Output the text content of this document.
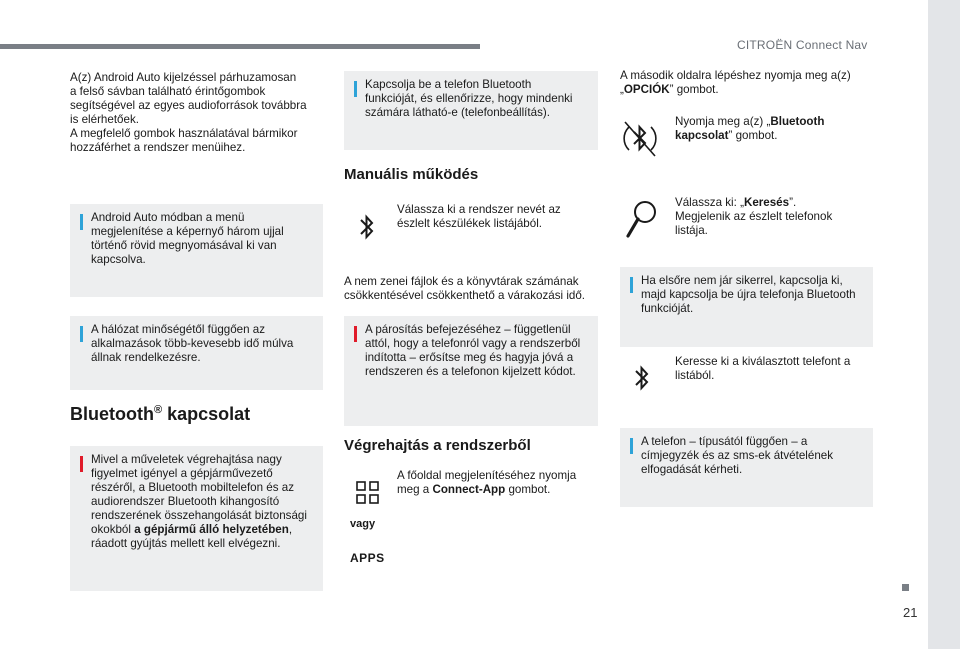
CITROËN Connect Nav
21
A(z) Android Auto kijelzéssel párhuzamosan
a felső sávban található érintőgombok
segítségével az egyes audioforrások továbbra
is elérhetőek.
A megfelelő gombok használatával bármikor
hozzáférhet a rendszer menüihez.
Android Auto módban a menü
megjelenítése a képernyő három ujjal
történő rövid megnyomásával ki van
kapcsolva.
A hálózat minőségétől függően az
alkalmazások több-kevesebb idő múlva
állnak rendelkezésre.
Bluetooth® kapcsolat
Mivel a műveletek végrehajtása nagy
figyelmet igényel a gépjárművezető
részéről, a Bluetooth mobiltelefon és az
audiorendszer Bluetooth kihangosító
rendszerének összehangolását biztonsági
okokból a gépjármű álló helyzetében,
ráadott gyújtás mellett kell elvégezni.
Kapcsolja be a telefon Bluetooth
funkcióját, és ellenőrizze, hogy mindenki
számára látható-e (telefonbeállítás).
Manuális működés
Válassza ki a rendszer nevét az
észlelt készülékek listájából.
A nem zenei fájlok és a könyvtárak számának
csökkentésével csökkenthető a várakozási idő.
A párosítás befejezéséhez – függetlenül
attól, hogy a telefonról vagy a rendszerből
indította – erősítse meg és hagyja jóvá a
rendszeren és a telefonon kijelzett kódot.
Végrehajtás a rendszerből
vagy
APPS
A főoldal megjelenítéséhez nyomja
meg a Connect-App gombot.
A második oldalra lépéshez nyomja meg a(z)
„OPCIÓK” gombot.
Nyomja meg a(z) „Bluetooth
kapcsolat” gombot.
Válassza ki: „Keresés”.
Megjelenik az észlelt telefonok
listája.
Ha elsőre nem jár sikerrel, kapcsolja ki,
majd kapcsolja be újra telefonja Bluetooth
funkcióját.
Keresse ki a kiválasztott telefont a
listából.
A telefon – típusától függően – a
címjegyzék és az sms-ek átvételének
elfogadását kérheti.
